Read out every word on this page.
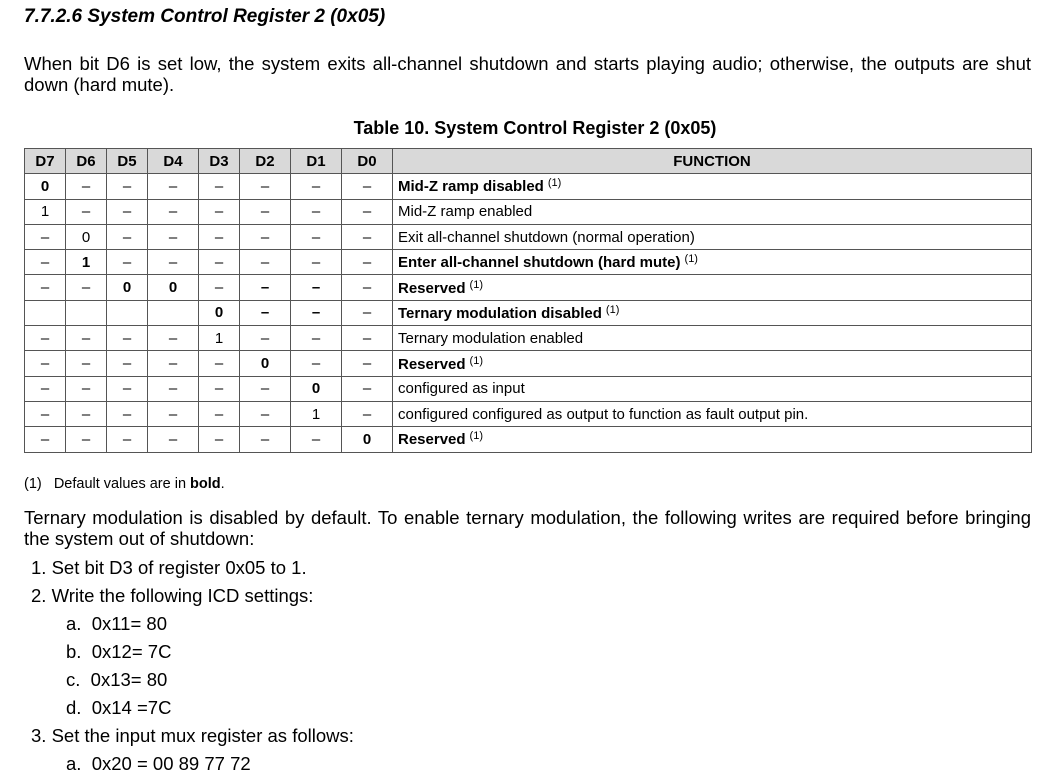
7.7.2.6 System Control Register 2 (0x05)

When bit D6 is set low, the system exits all-channel shutdown and starts playing audio; otherwise, the outputs are shut down (hard mute).

Table 10. System Control Register 2 (0x05)

D7	D6	D5	D4	D3	D2	D1	D0	FUNCTION
0	–	–	–	–	–	–	–	Mid-Z ramp disabled $^{(1)}$
1	–	–	–	–	–	–	–	Mid-Z ramp enabled
–	0	–	–	–	–	–	–	Exit all-channel shutdown (normal operation)
–	1	–	–	–	–	–	–	Enter all-channel shutdown (hard mute) $^{(1)}$
–	–	0	0	–	–	–	–	Reserved $^{(1)}$
				0	–	–	–	Ternary modulation disabled $^{(1)}$
–	–	–	–	1	–	–	–	Ternary modulation enabled
–	–	–	–	–	0	–	–	Reserved $^{(1)}$
–	–	–	–	–	–	0	–	configured as input
–	–	–	–	–	–	1	–	configured configured as output to function as fault output pin.
–	–	–	–	–	–	–	0	Reserved $^{(1)}$

(1) Default values are in bold.

Ternary modulation is disabled by default. To enable ternary modulation, the following writes are required before bringing the system out of shutdown:

1. Set bit D3 of register 0x05 to 1.

2. Write the following ICD settings:

a. 0x11= 80

b. 0x12= 7C

c. 0x13= 80

d. 0x14 =7C

3. Set the input mux register as follows:

a. 0x20 = 00 89 77 72
